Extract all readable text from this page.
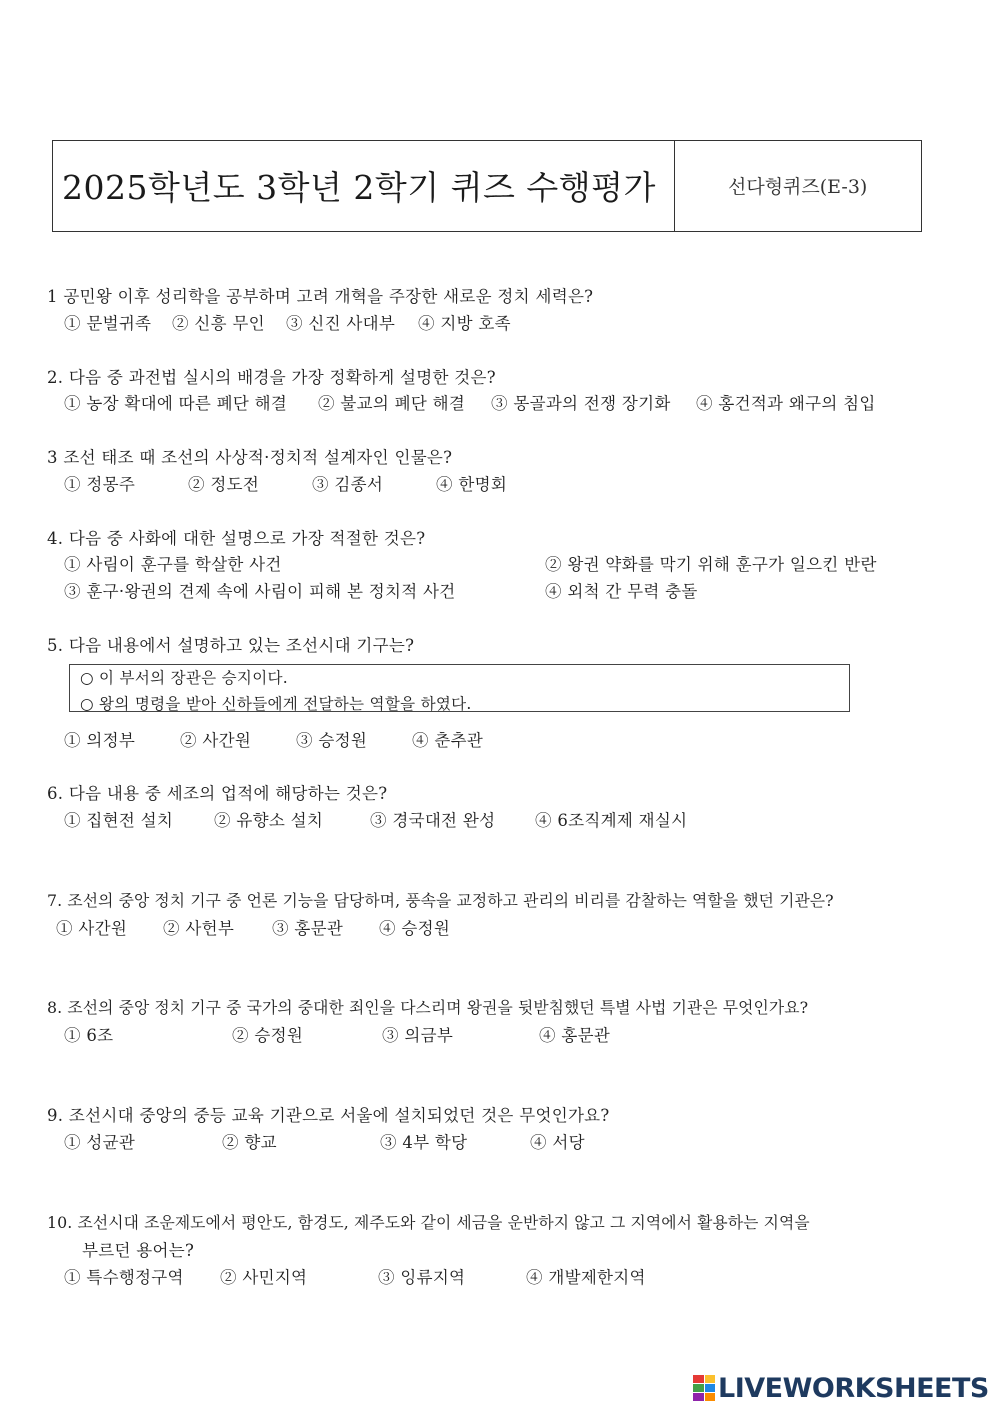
2025학년도 3학년 2학기 퀴즈 수행평가	선다형퀴즈(E-3)
1 공민왕 이후 성리학을 공부하며 고려 개혁을 주장한 새로운 정치 세력은?
① 문벌귀족 ② 신흥 무인 ③ 신진 사대부 ④ 지방 호족
2. 다음 중 과전법 실시의 배경을 가장 정확하게 설명한 것은?
① 농장 확대에 따른 폐단 해결 ② 불교의 폐단 해결 ③ 몽골과의 전쟁 장기화 ④ 홍건적과 왜구의 침입
3 조선 태조 때 조선의 사상적·정치적 설계자인 인물은?
① 정몽주	② 정도전	③ 김종서	④ 한명회
4. 다음 중 사화에 대한 설명으로 가장 적절한 것은?
① 사림이 훈구를 학살한 사건	② 왕권 약화를 막기 위해 훈구가 일으킨 반란
③ 훈구·왕권의 견제 속에 사림이 피해 본 정치적 사건	④ 외척 간 무력 충돌
5. 다음 내용에서 설명하고 있는 조선시대 기구는?
○ 이 부서의 장관은 승지이다.
○ 왕의 명령을 받아 신하들에게 전달하는 역할을 하였다.
① 의정부	② 사간원	③ 승정원	④ 춘추관
6. 다음 내용 중 세조의 업적에 해당하는 것은?
① 집현전 설치 ② 유향소 설치	③ 경국대전 완성 ④ 6조직계제 재실시
7. 조선의 중앙 정치 기구 중 언론 기능을 담당하며, 풍속을 교정하고 관리의 비리를 감찰하는 역할을 했던 기관은?
① 사간원 ② 사헌부 ③ 홍문관 ④ 승정원
8. 조선의 중앙 정치 기구 중 국가의 중대한 죄인을 다스리며 왕권을 뒷받침했던 특별 사법 기관은 무엇인가요?
① 6조	② 승정원	③ 의금부	④ 홍문관
9. 조선시대 중앙의 중등 교육 기관으로 서울에 설치되었던 것은 무엇인가요?
① 성균관	② 향교	③ 4부 학당	④ 서당
10. 조선시대 조운제도에서 평안도, 함경도, 제주도와 같이 세금을 운반하지 않고 그 지역에서 활용하는 지역을
부르던 용어는?
① 특수행정구역 ② 사민지역	③ 잉류지역	④ 개발제한지역
LIVEWORKSHEETS
